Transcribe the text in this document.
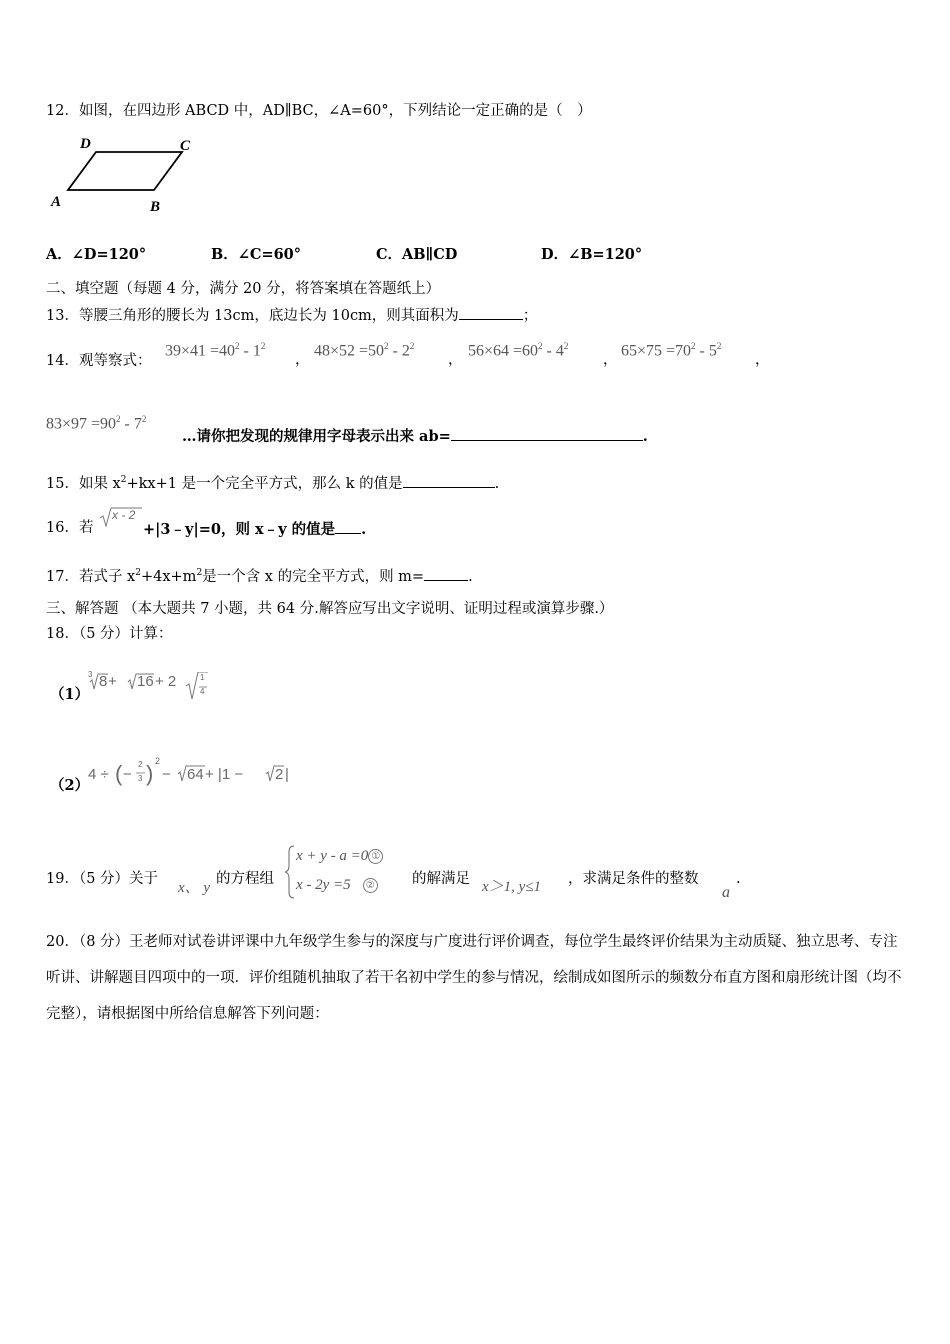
12．如图，在四边形 ABCD 中，AD∥BC，∠A=60°，下列结论一定正确的是（　）
A	B
C
D
A．∠D=120°	B．∠C=60°	C．AB∥CD	D．∠B=120°
二、填空题（每题 4 分，满分 20 分，将答案填在答题纸上）
13．等腰三角形的腰长为 13cm，底边长为 10cm，则其面积为	；
14．观等察式：
$39\times 41 =40^2 - 1^2$
，
$48\times 52 =50^2 - 2^2$
，
$56\times 64 =60^2 - 4^2$
，
$65\times 75 =70^2 - 5^2$
，
$83\times 97 =90^2 - 7^2$
…请你把发现的规律用字母表示出来 ab=	.
15．如果 $x^2+kx+1$ 是一个完全平方式，那么 k 的值是	.
16．若
x - 2
+|3﹣y|=0，则 x﹣y 的值是 .
17．若式子 $x^2+4x+m^2$是一个含 x 的完全平方式，则 m=	.
三、解答题 （本大题共 7 小题，共 64 分.解答应写出文字说明、证明过程或演算步骤.）
18．（5 分）计算：
（1）
3 8 + 16 + 2	1
4
（2）
4 ÷ ( −
2
3 ) 2
− 64 + |1 − 2 |
19．（5 分）关于
x、 y
的方程组
x + y - a =0 ①
x - 2y =5 ②	的解满足 x＞1, y≤1 ，求满足条件的整数
a
.
20．（8 分）王老师对试卷讲评课中九年级学生参与的深度与广度进行评价调查，每位学生最终评价结果为主动质疑、独立思考、专注听讲、讲解题目四项中的一项．评价组随机抽取了若干名初中学生的参与情况，绘制成如图所示的频数分布直方图和扇形统计图（均不完整），请根据图中所给信息解答下列问题：
